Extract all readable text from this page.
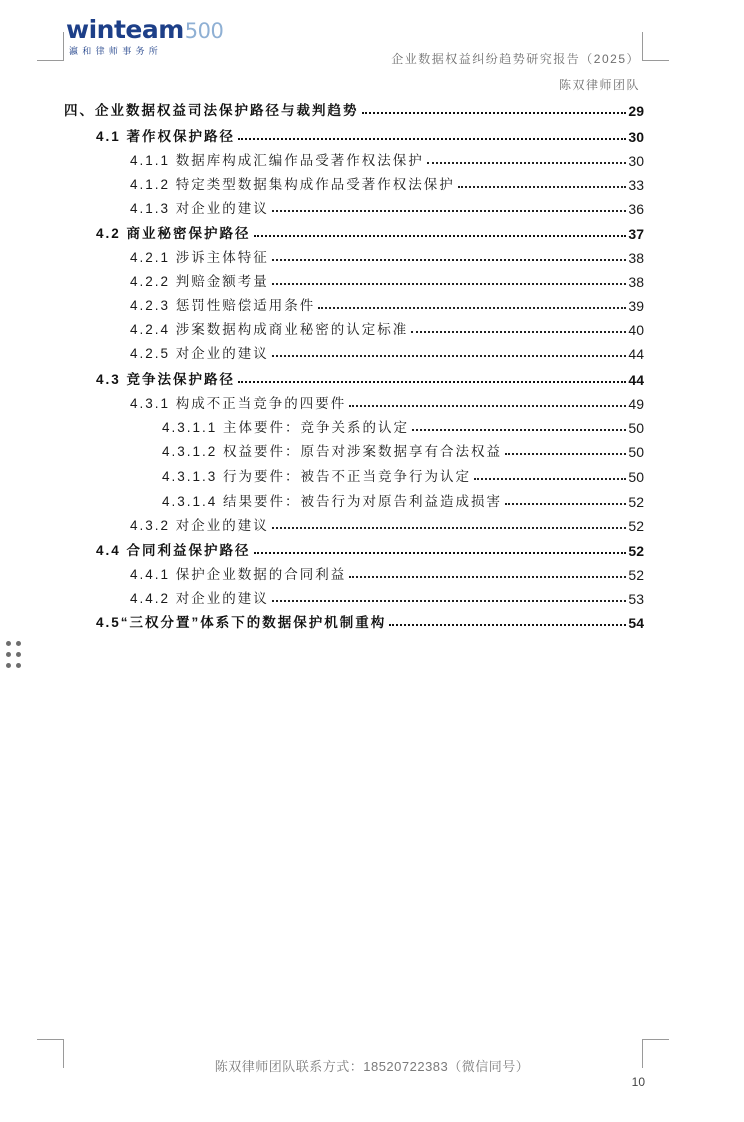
winteam500
瀛和律师事务所	企业数据权益纠纷趋势研究报告（2025）
陈双律师团队
四、企业数据权益司法保护路径与裁判趋势	29
4.1 著作权保护路径	30
4.1.1 数据库构成汇编作品受著作权法保护	30
4.1.2 特定类型数据集构成作品受著作权法保护	33
4.1.3 对企业的建议	36
4.2 商业秘密保护路径	37
4.2.1 涉诉主体特征	38
4.2.2 判赔金额考量	38
4.2.3 惩罚性赔偿适用条件	39
4.2.4 涉案数据构成商业秘密的认定标准	40
4.2.5 对企业的建议	44
4.3 竞争法保护路径	44
4.3.1 构成不正当竞争的四要件	49
4.3.1.1 主体要件：竞争关系的认定	50
4.3.1.2 权益要件：原告对涉案数据享有合法权益	50
4.3.1.3 行为要件：被告不正当竞争行为认定	50
4.3.1.4 结果要件：被告行为对原告利益造成损害	52
4.3.2 对企业的建议	52
4.4 合同利益保护路径	52
4.4.1 保护企业数据的合同利益	52
4.4.2 对企业的建议	53
4.5“三权分置”体系下的数据保护机制重构	54
陈双律师团队联系方式：18520722383（微信同号）
10
